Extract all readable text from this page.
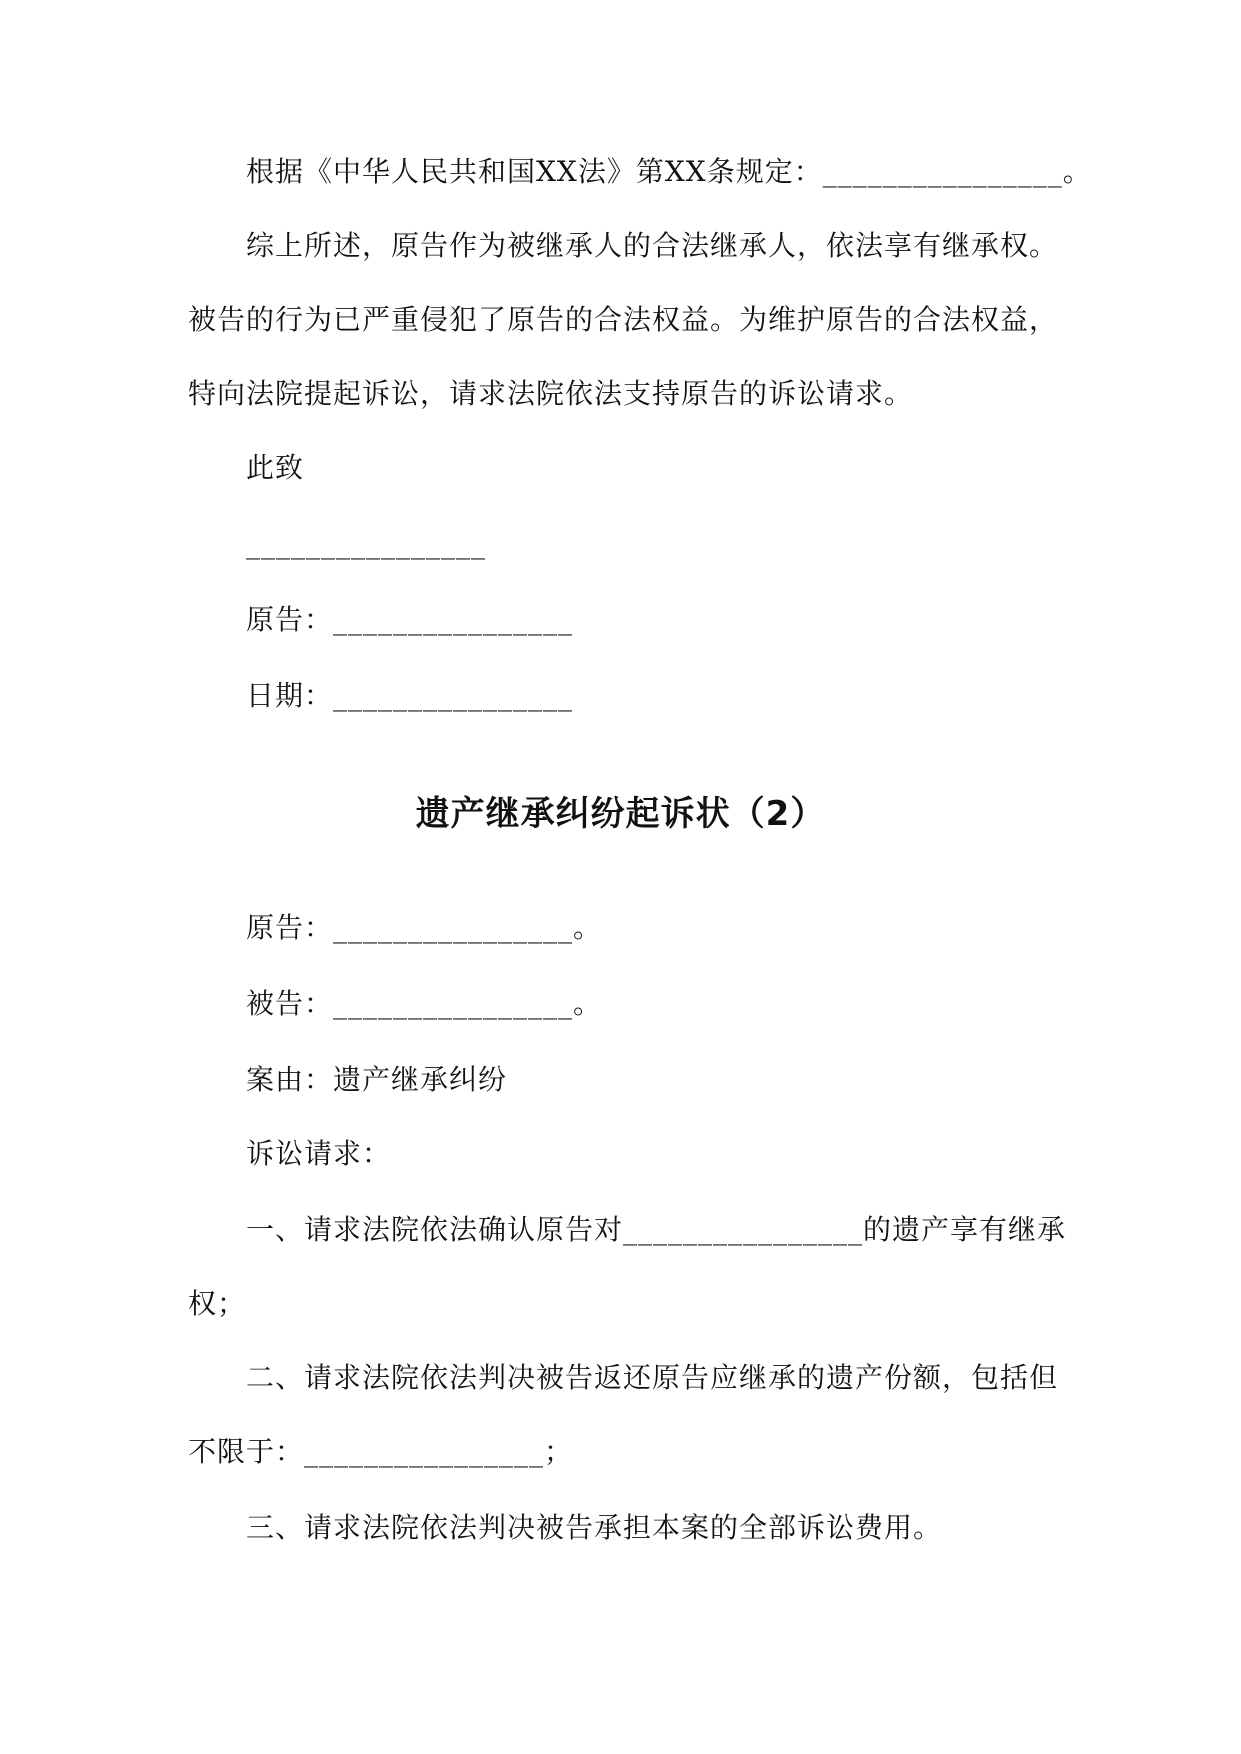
根据《中华人民共和国XX法》第XX条规定：________________。
综上所述，原告作为被继承人的合法继承人，依法享有继承权。
被告的行为已严重侵犯了原告的合法权益。为维护原告的合法权益，
特向法院提起诉讼，请求法院依法支持原告的诉讼请求。
此致
________________
原告：________________
日期：________________
遗产继承纠纷起诉状（2）
原告：________________。
被告：________________。
案由：遗产继承纠纷
诉讼请求：
一、请求法院依法确认原告对________________的遗产享有继承
权；
二、请求法院依法判决被告返还原告应继承的遗产份额，包括但
不限于：________________；
三、请求法院依法判决被告承担本案的全部诉讼费用。
